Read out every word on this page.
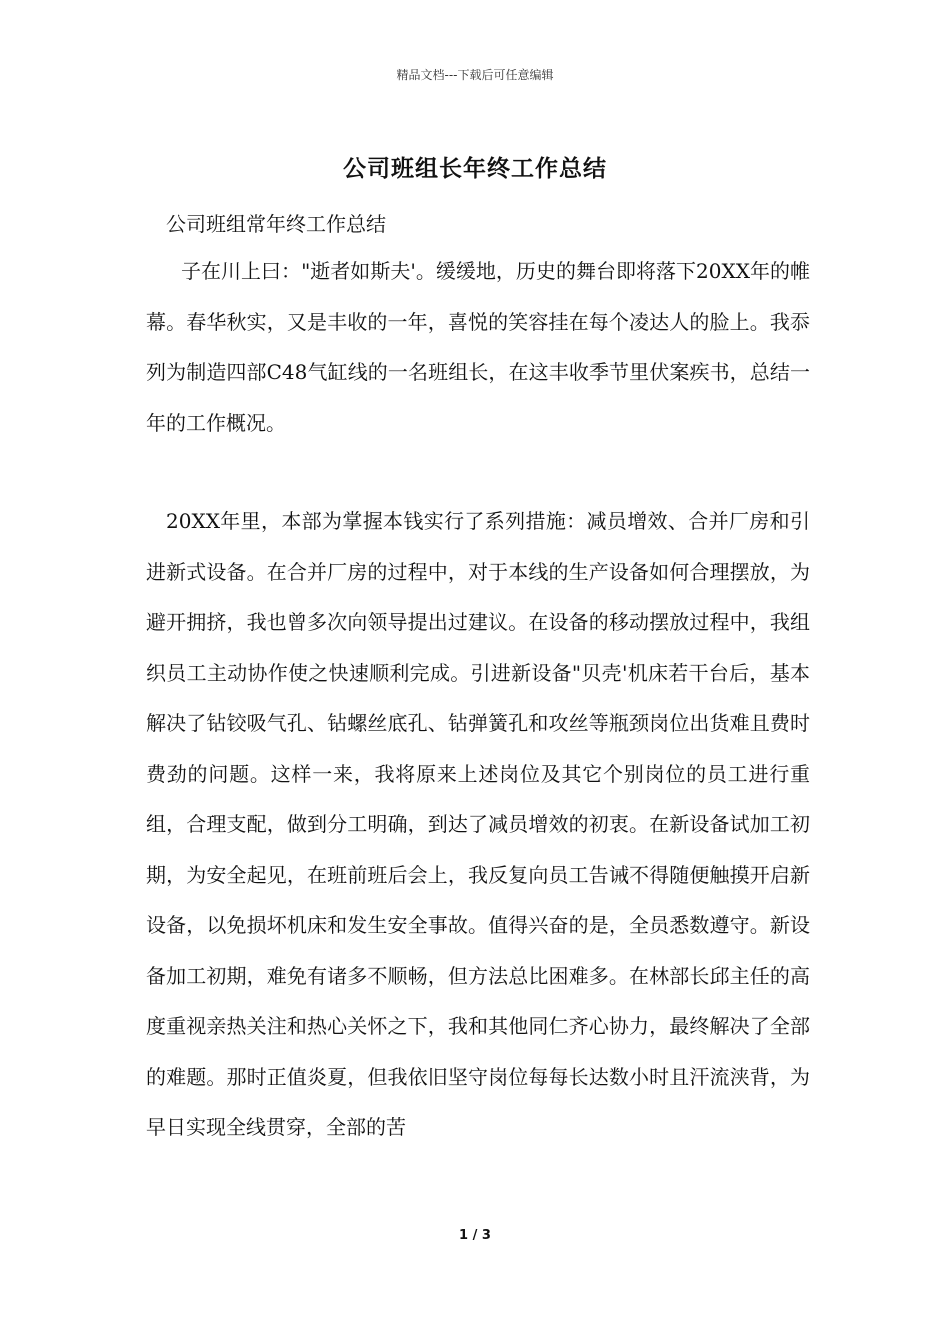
精品文档---下载后可任意编辑
公司班组长年终工作总结

公司班组常年终工作总结

子在川上曰："逝者如斯夫'。缓缓地，历史的舞台即将落下20XX年的帷幕。春华秋实，又是丰收的一年，喜悦的笑容挂在每个凌达人的脸上。我忝列为制造四部C48气缸线的一名班组长，在这丰收季节里伏案疾书，总结一年的工作概况。

20XX年里，本部为掌握本钱实行了系列措施：减员增效、合并厂房和引进新式设备。在合并厂房的过程中，对于本线的生产设备如何合理摆放，为避开拥挤，我也曾多次向领导提出过建议。在设备的移动摆放过程中，我组织员工主动协作使之快速顺利完成。引进新设备"贝壳'机床若干台后，基本解决了钻铰吸气孔、钻螺丝底孔、钻弹簧孔和攻丝等瓶颈岗位出货难且费时费劲的问题。这样一来，我将原来上述岗位及其它个别岗位的员工进行重组，合理支配，做到分工明确，到达了减员增效的初衷。在新设备试加工初期，为安全起见，在班前班后会上，我反复向员工告诫不得随便触摸开启新设备，以免损坏机床和发生安全事故。值得兴奋的是，全员悉数遵守。新设备加工初期，难免有诸多不顺畅，但方法总比困难多。在林部长邱主任的高度重视亲热关注和热心关怀之下，我和其他同仁齐心协力，最终解决了全部的难题。那时正值炎夏，但我依旧坚守岗位每每长达数小时且汗流浃背，为早日实现全线贯穿，全部的苦

1 / 3
